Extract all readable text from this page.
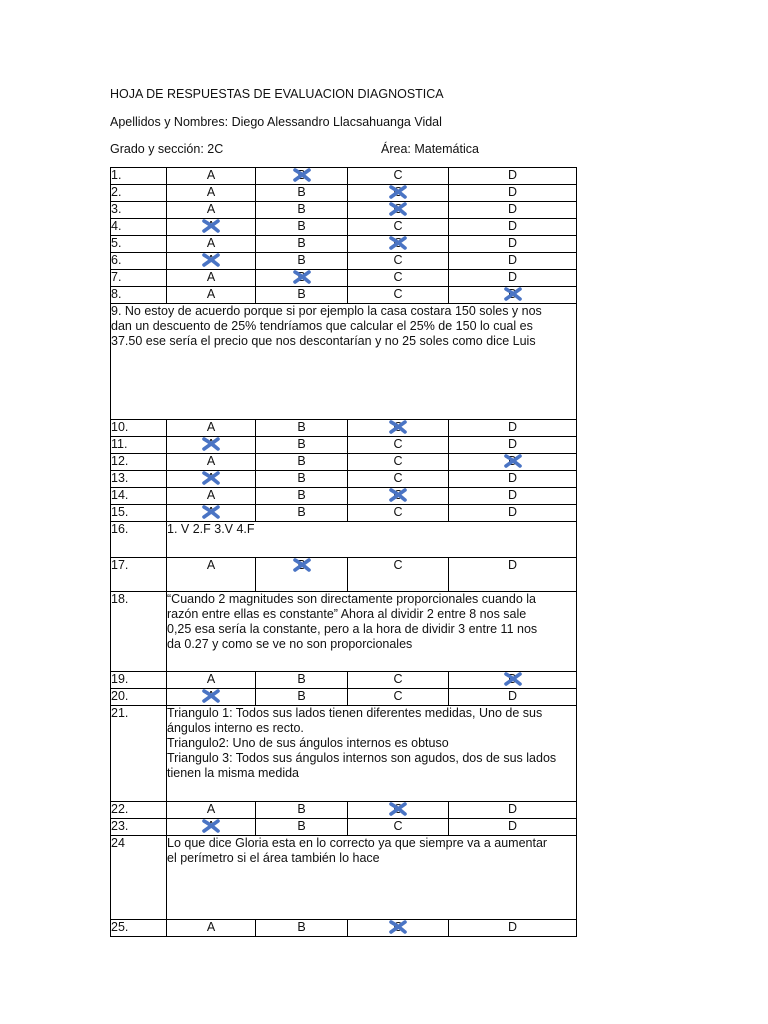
HOJA DE RESPUESTAS DE EVALUACION DIAGNOSTICA
Apellidos y Nombres: Diego Alessandro Llacsahuanga Vidal
Grado y sección: 2C	Área: Matemática
1.	A	B	C	D
2.	A	B	C	D
3.	A	B	C	D
4.	A	B	C	D
5.	A	B	C	D
6.	A	B	C	D
7.	A	B	C	D
8.	A	B	C	D

9. No estoy de acuerdo porque si por ejemplo la casa costara 150 soles y nos
dan un descuento de 25% tendríamos que calcular el 25% de 150 lo cual es
37.50 ese sería el precio que nos descontarían y no 25 soles como dice Luis				

10.	A	B	C	D
11.	A	B	C	D
12.	A	B	C	D

13.	A	B	C	D
14.	A	B	C	D
15.	A	B	C	D
16.	1. V 2.F 3.V 4.F			

17.	A	B	C	D
18.	“Cuando 2 magnitudes son directamente proporcionales cuando la
razón entre ellas es constante” Ahora al dividir 2 entre 8 nos sale
0,25 esa sería la constante, pero a la hora de dividir 3 entre 11 nos
da 0.27 y como se ve no son proporcionales			

19.	A	B	C	D

20.	A	B	C	D
21.	Triangulo 1: Todos sus lados tienen diferentes medidas, Uno de sus
ángulos interno es recto.
Triangulo2: Uno de sus ángulos internos es obtuso
Triangulo 3: Todos sus ángulos internos son agudos, dos de sus lados
tienen la misma medida			

22.	A	B	C	D
23.	A	B	C	D
24	Lo que dice Gloria esta en lo correcto ya que siempre va a aumentar
el perímetro si el área también lo hace			

25.	A	B	C	D
